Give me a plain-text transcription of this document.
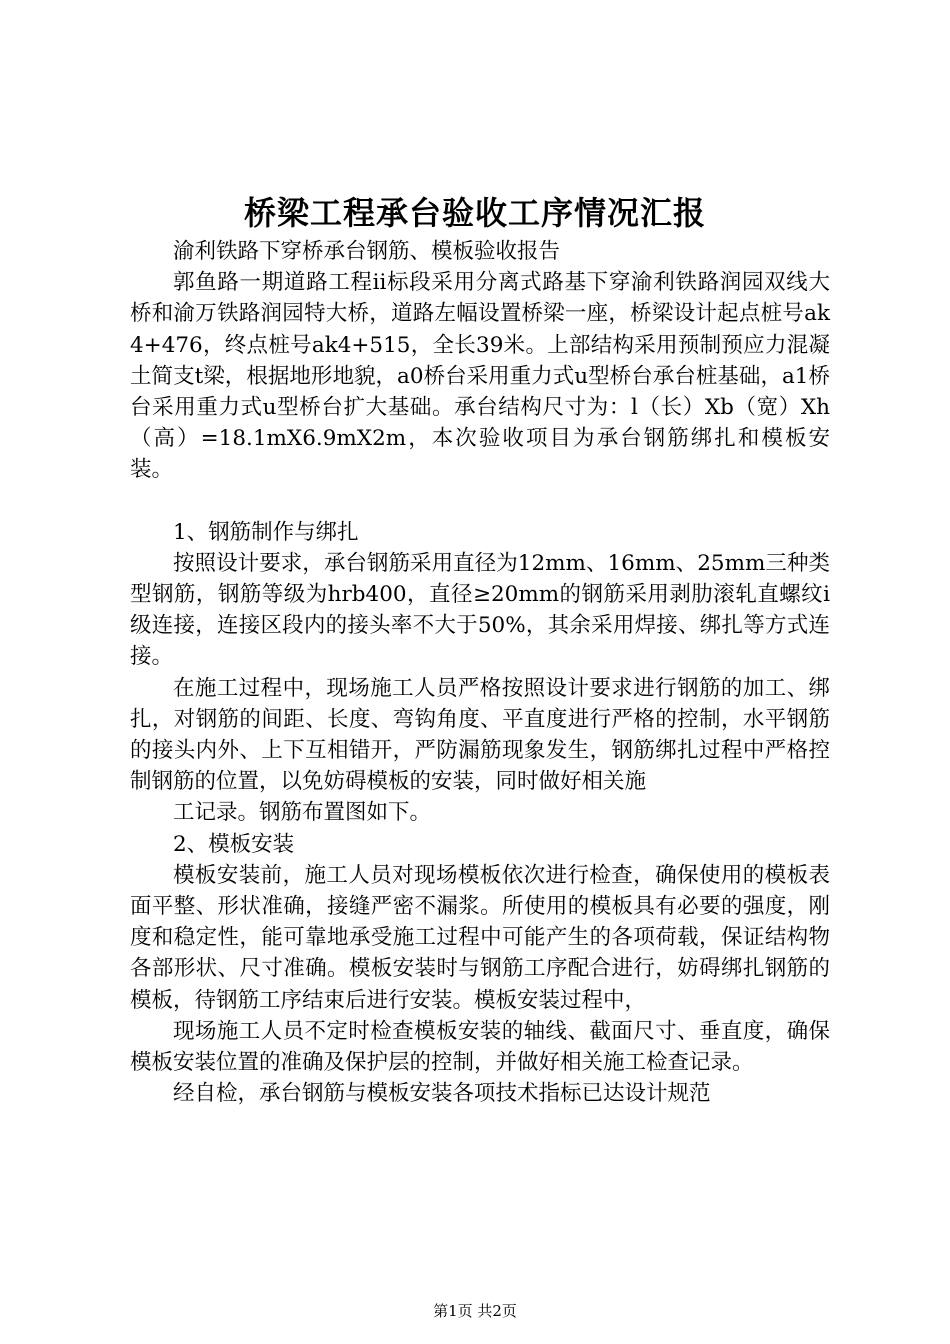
桥梁工程承台验收工序情况汇报

渝利铁路下穿桥承台钢筋、模板验收报告

郭鱼路一期道路工程ii标段采用分离式路基下穿渝利铁路润园双线大桥和渝万铁路润园特大桥，道路左幅设置桥梁一座，桥梁设计起点桩号ak4+476，终点桩号ak4+515，全长39米。上部结构采用预制预应力混凝土简支t梁，根据地形地貌，a0桥台采用重力式u型桥台承台桩基础，a1桥台采用重力式u型桥台扩大基础。承台结构尺寸为：l（长）Xb（宽）Xh（高）=18.1mX6.9mX2m，本次验收项目为承台钢筋绑扎和模板安装。

1、钢筋制作与绑扎

按照设计要求，承台钢筋采用直径为12mm、16mm、25mm三种类型钢筋，钢筋等级为hrb400，直径≥20mm的钢筋采用剥肋滚轧直螺纹i级连接，连接区段内的接头率不大于50%，其余采用焊接、绑扎等方式连接。

在施工过程中，现场施工人员严格按照设计要求进行钢筋的加工、绑扎，对钢筋的间距、长度、弯钩角度、平直度进行严格的控制，水平钢筋的接头内外、上下互相错开，严防漏筋现象发生，钢筋绑扎过程中严格控制钢筋的位置，以免妨碍模板的安装，同时做好相关施

工记录。钢筋布置图如下。

2、模板安装

模板安装前，施工人员对现场模板依次进行检查，确保使用的模板表面平整、形状准确，接缝严密不漏浆。所使用的模板具有必要的强度，刚度和稳定性，能可靠地承受施工过程中可能产生的各项荷载，保证结构物各部形状、尺寸准确。模板安装时与钢筋工序配合进行，妨碍绑扎钢筋的模板，待钢筋工序结束后进行安装。模板安装过程中，

现场施工人员不定时检查模板安装的轴线、截面尺寸、垂直度，确保模板安装位置的准确及保护层的控制，并做好相关施工检查记录。

经自检，承台钢筋与模板安装各项技术指标已达设计规范

第1页 共2页
